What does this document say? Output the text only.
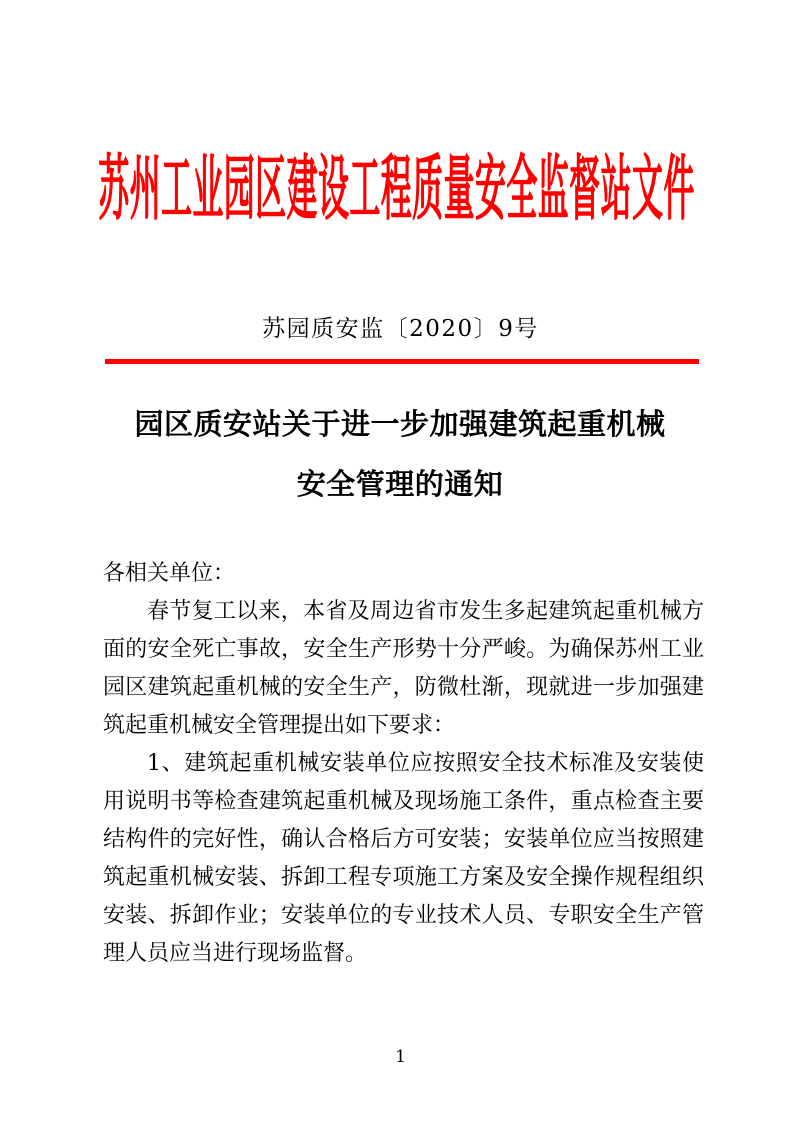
苏州工业园区建设工程质量安全监督站文件
苏园质安监〔2020〕9号
园区质安站关于进一步加强建筑起重机械
安全管理的通知

各相关单位：

春节复工以来，本省及周边省市发生多起建筑起重机械方面的安全死亡事故，安全生产形势十分严峻。为确保苏州工业园区建筑起重机械的安全生产，防微杜渐，现就进一步加强建筑起重机械安全管理提出如下要求：

1、建筑起重机械安装单位应按照安全技术标准及安装使用说明书等检查建筑起重机械及现场施工条件，重点检查主要结构件的完好性，确认合格后方可安装；安装单位应当按照建筑起重机械安装、拆卸工程专项施工方案及安全操作规程组织安装、拆卸作业；安装单位的专业技术人员、专职安全生产管理人员应当进行现场监督。

1
